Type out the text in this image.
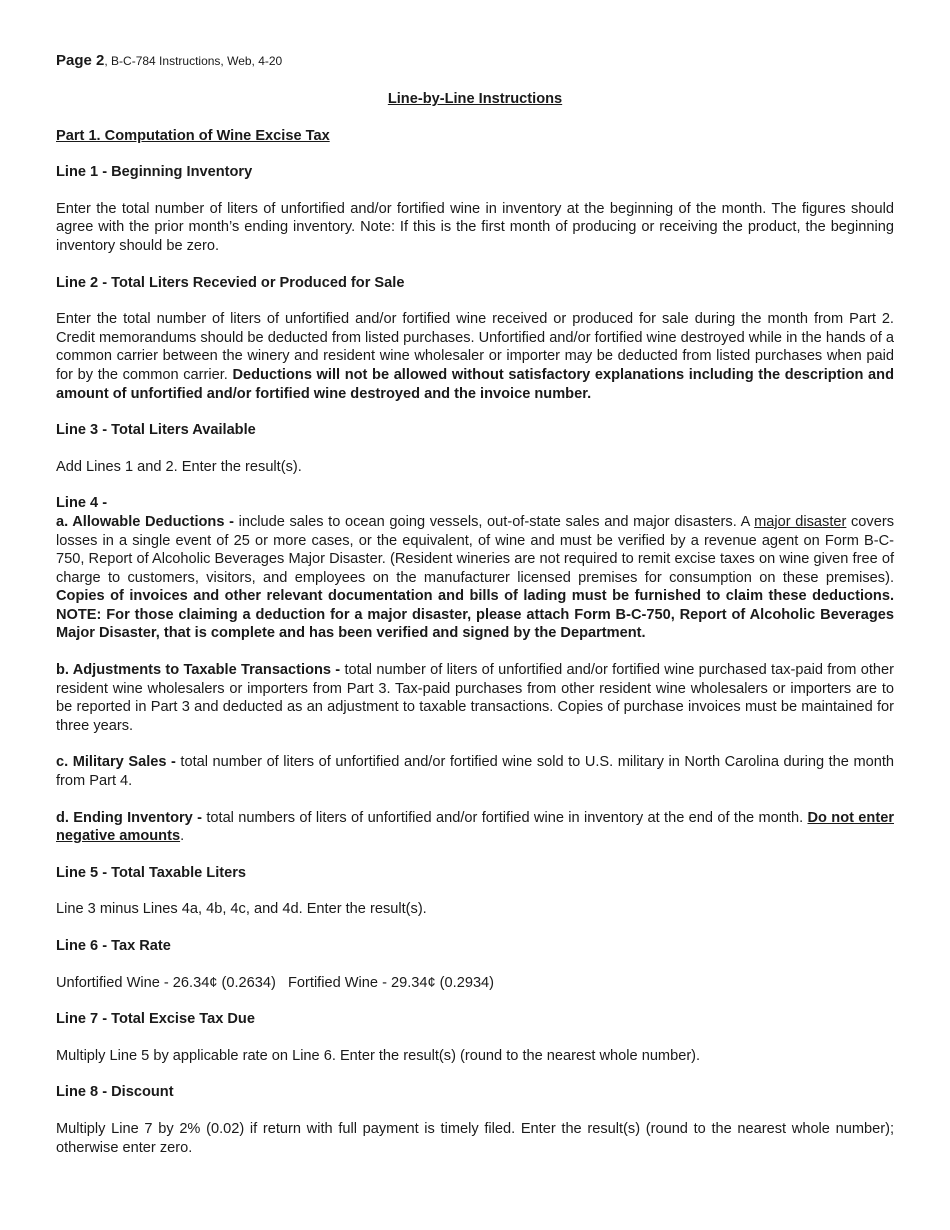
Page 2, B-C-784 Instructions, Web, 4-20
Line-by-Line Instructions
Part 1. Computation of Wine Excise Tax
Line 1 - Beginning Inventory
Enter the total number of liters of unfortified and/or fortified wine in inventory at the beginning of the month. The figures should agree with the prior month’s ending inventory. Note: If this is the first month of producing or receiving the product, the beginning inventory should be zero.
Line 2 - Total Liters Recevied or Produced for Sale
Enter the total number of liters of unfortified and/or fortified wine received or produced for sale during the month from Part 2. Credit memorandums should be deducted from listed purchases. Unfortified and/or fortified wine destroyed while in the hands of a common carrier between the winery and resident wine wholesaler or importer may be deducted from listed purchases when paid for by the common carrier. Deductions will not be allowed without satisfactory explanations including the description and amount of unfortified and/or fortified wine destroyed and the invoice number.
Line 3 - Total Liters Available
Add Lines 1 and 2. Enter the result(s).
Line 4 -
a. Allowable Deductions - include sales to ocean going vessels, out-of-state sales and major disasters. A major disaster covers losses in a single event of 25 or more cases, or the equivalent, of wine and must be verified by a revenue agent on Form B-C-750, Report of Alcoholic Beverages Major Disaster. (Resident wineries are not required to remit excise taxes on wine given free of charge to customers, visitors, and employees on the manufacturer licensed premises for consumption on these premises). Copies of invoices and other relevant documentation and bills of lading must be furnished to claim these deductions. NOTE: For those claiming a deduction for a major disaster, please attach Form B-C-750, Report of Alcoholic Beverages Major Disaster, that is complete and has been verified and signed by the Department.
b. Adjustments to Taxable Transactions - total number of liters of unfortified and/or fortified wine purchased tax-paid from other resident wine wholesalers or importers from Part 3. Tax-paid purchases from other resident wine wholesalers or importers are to be reported in Part 3 and deducted as an adjustment to taxable transactions. Copies of purchase invoices must be maintained for three years.
c. Military Sales - total number of liters of unfortified and/or fortified wine sold to U.S. military in North Carolina during the month from Part 4.
d. Ending Inventory - total numbers of liters of unfortified and/or fortified wine in inventory at the end of the month. Do not enter negative amounts.
Line 5 - Total Taxable Liters
Line 3 minus Lines 4a, 4b, 4c, and 4d. Enter the result(s).
Line 6 - Tax Rate
Unfortified Wine - 26.34¢ (0.2634)   Fortified Wine - 29.34¢ (0.2934)
Line 7 - Total Excise Tax Due
Multiply Line 5 by applicable rate on Line 6. Enter the result(s) (round to the nearest whole number).
Line 8 - Discount
Multiply Line 7 by 2% (0.02) if return with full payment is timely filed. Enter the result(s) (round to the nearest whole number); otherwise enter zero.
